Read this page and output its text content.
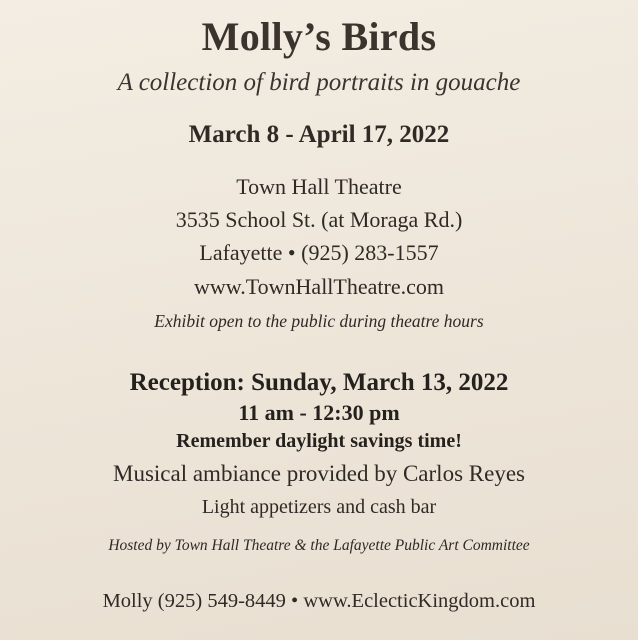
Molly’s Birds
A collection of bird portraits in gouache
March 8 - April 17, 2022
Town Hall Theatre
3535 School St. (at Moraga Rd.)
Lafayette • (925) 283-1557
www.TownHallTheatre.com
Exhibit open to the public during theatre hours
Reception: Sunday, March 13, 2022
11 am - 12:30 pm
Remember daylight savings time!
Musical ambiance provided by Carlos Reyes
Light appetizers and cash bar
Hosted by Town Hall Theatre & the Lafayette Public Art Committee
Molly (925) 549-8449 • www.EclecticKingdom.com
